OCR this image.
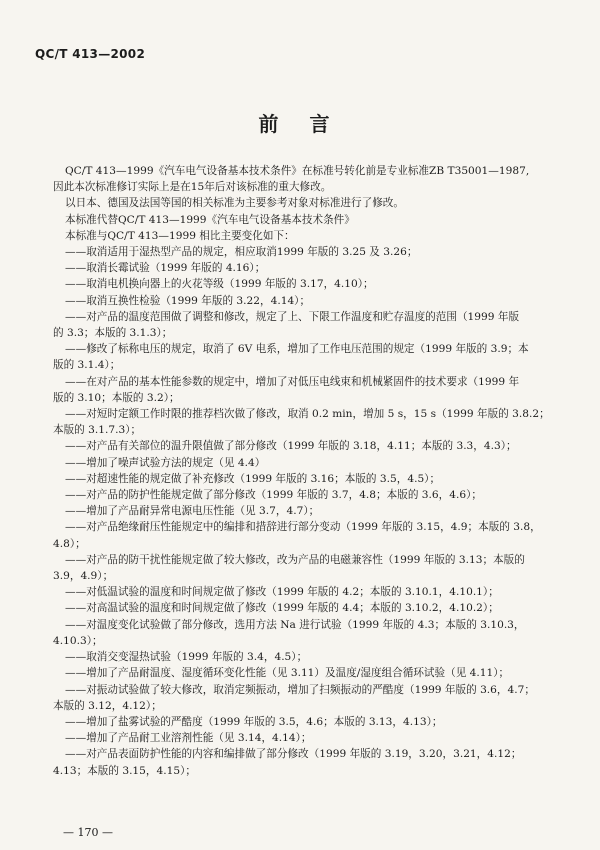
QC/T 413—2002
前 言
QC/T 413—1999《汽车电气设备基本技术条件》在标准号转化前是专业标准ZB T35001—1987,
因此本次标准修订实际上是在15年后对该标准的重大修改。
以日本、德国及法国等国的相关标准为主要参考对象对标准进行了修改。
本标准代替QC/T 413—1999《汽车电气设备基本技术条件》
本标准与QC/T 413—1999 相比主要变化如下：
——取消适用于湿热型产品的规定，相应取消1999 年版的 3.25 及 3.26；
——取消长霉试验（1999 年版的 4.16）；
——取消电机换向器上的火花等级（1999 年版的 3.17，4.10）；
——取消互换性检验（1999 年版的 3.22，4.14）；
——对产品的温度范围做了调整和修改，规定了上、下限工作温度和贮存温度的范围（1999 年版
的 3.3；本版的 3.1.3）；
——修改了标称电压的规定，取消了 6V 电系，增加了工作电压范围的规定（1999 年版的 3.9；本
版的 3.1.4）；
——在对产品的基本性能参数的规定中，增加了对低压电线束和机械紧固件的技术要求（1999 年
版的 3.10；本版的 3.2）；
——对短时定额工作时限的推荐档次做了修改，取消 0.2 min，增加 5 s，15 s（1999 年版的 3.8.2；
本版的 3.1.7.3）；
——对产品有关部位的温升限值做了部分修改（1999 年版的 3.18，4.11；本版的 3.3，4.3）；
——增加了噪声试验方法的规定（见 4.4）
——对超速性能的规定做了补充修改（1999 年版的 3.16；本版的 3.5，4.5）；
——对产品的防护性能规定做了部分修改（1999 年版的 3.7，4.8；本版的 3.6，4.6）；
——增加了产品耐异常电源电压性能（见 3.7，4.7）；
——对产品绝缘耐压性能规定中的编排和措辞进行部分变动（1999 年版的 3.15，4.9；本版的 3.8，
4.8）；
——对产品的防干扰性能规定做了较大修改，改为产品的电磁兼容性（1999 年版的 3.13；本版的
3.9，4.9）；
——对低温试验的温度和时间规定做了修改（1999 年版的 4.2；本版的 3.10.1，4.10.1）；
——对高温试验的温度和时间规定做了修改（1999 年版的 4.4；本版的 3.10.2，4.10.2）；
——对温度变化试验做了部分修改，选用方法 Na 进行试验（1999 年版的 4.3；本版的 3.10.3，
4.10.3）；
——取消交变湿热试验（1999 年版的 3.4，4.5）；
——增加了产品耐温度、湿度循环变化性能（见 3.11）及温度/湿度组合循环试验（见 4.11）；
——对振动试验做了较大修改，取消定频振动，增加了扫频振动的严酷度（1999 年版的 3.6，4.7；
本版的 3.12，4.12）；
——增加了盐雾试验的严酷度（1999 年版的 3.5，4.6；本版的 3.13，4.13）；
——增加了产品耐工业溶剂性能（见 3.14，4.14）；
——对产品表面防护性能的内容和编排做了部分修改（1999 年版的 3.19，3.20，3.21，4.12；
4.13；本版的 3.15，4.15）；
— 170 —
